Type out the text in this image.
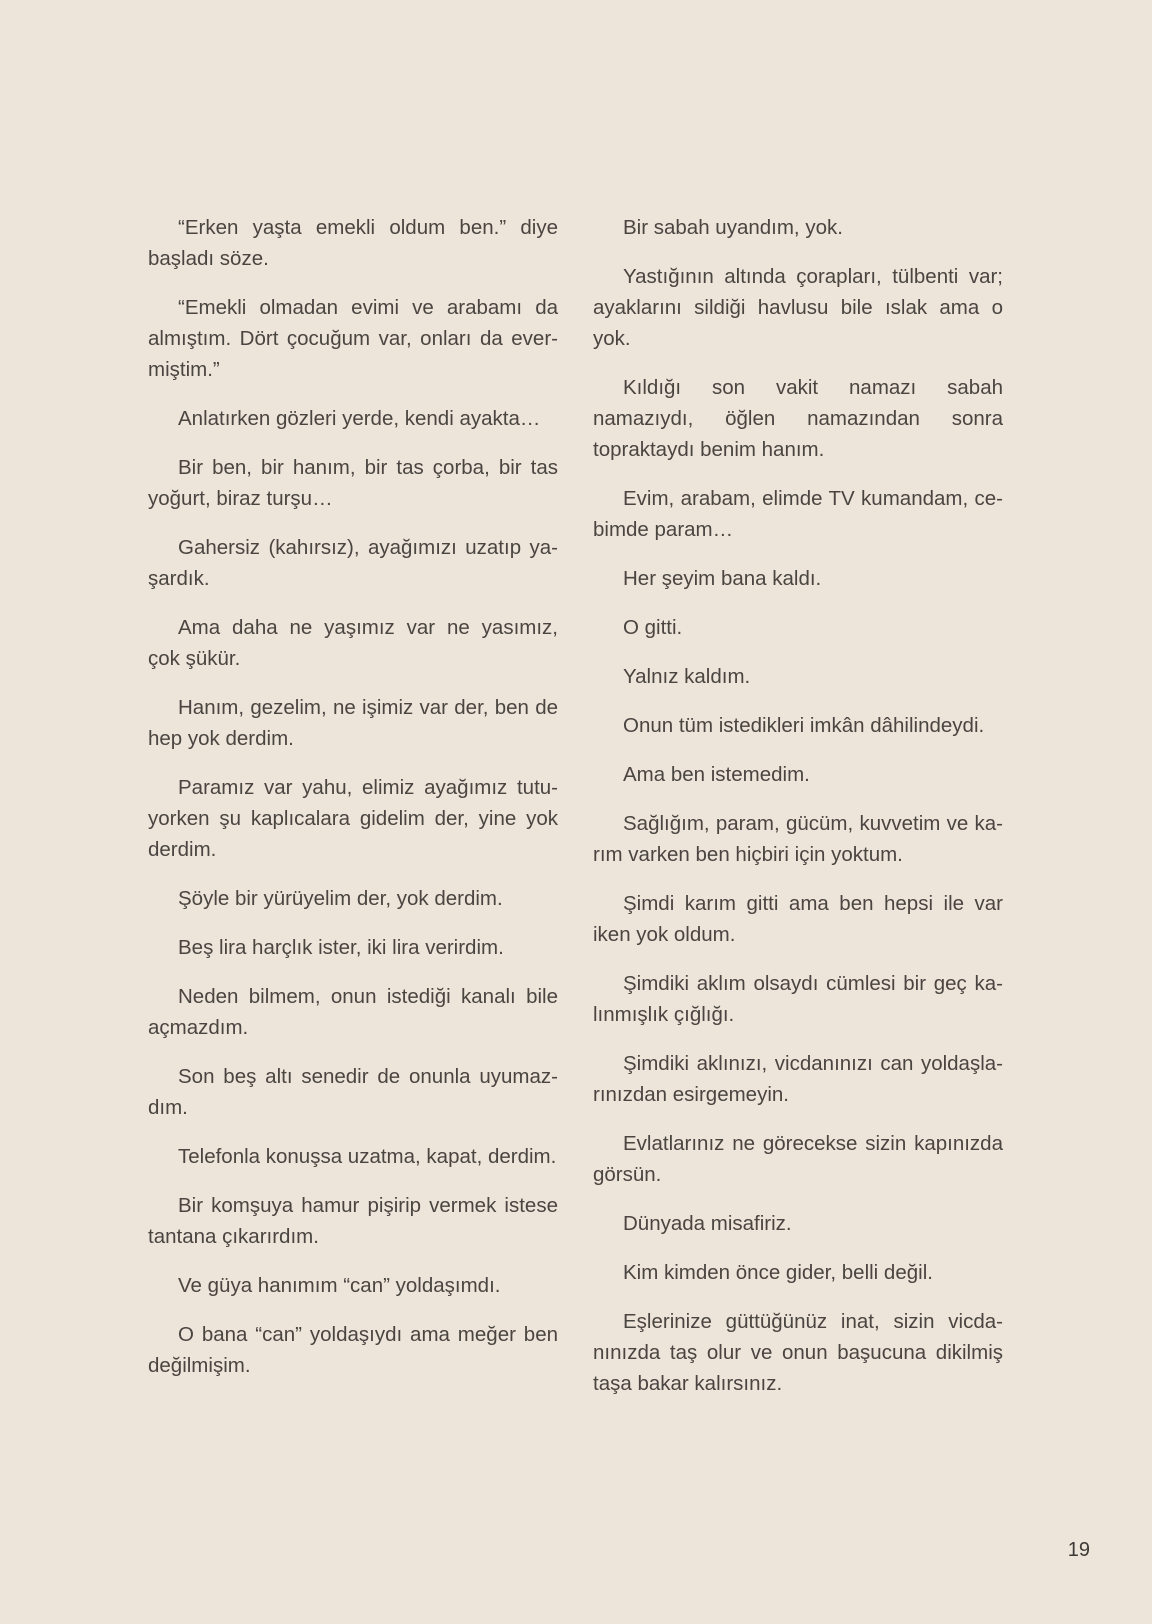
“Erken yaşta emekli oldum ben.” diye başladı söze.

“Emekli olmadan evimi ve arabamı da almıştım. Dört çocuğum var, onları da evermiştim.”

Anlatırken gözleri yerde, kendi ayakta…

Bir ben, bir hanım, bir tas çorba, bir tas yoğurt, biraz turşu…

Gahersiz (kahırsız), ayağımızı uzatıp yaşardık.

Ama daha ne yaşımız var ne yasımız, çok şükür.

Hanım, gezelim, ne işimiz var der, ben de hep yok derdim.

Paramız var yahu, elimiz ayağımız tutuyorken şu kaplıcalara gidelim der, yine yok derdim.

Şöyle bir yürüyelim der, yok derdim.

Beş lira harçlık ister, iki lira verirdim.

Neden bilmem, onun istediği kanalı bile açmazdım.

Son beş altı senedir de onunla uyumazdım.

Telefonla konuşsa uzatma, kapat, derdim.

Bir komşuya hamur pişirip vermek istese tantana çıkarırdım.

Ve güya hanımım “can” yoldaşımdı.

O bana “can” yoldaşıydı ama meğer ben değilmişim.

Bir sabah uyandım, yok.

Yastığının altında çorapları, tülbenti var; ayaklarını sildiği havlusu bile ıslak ama o yok.

Kıldığı son vakit namazı sabah namazıydı, öğlen namazından sonra topraktaydı benim hanım.

Evim, arabam, elimde TV kumandam, cebimde param…

Her şeyim bana kaldı.

O gitti.

Yalnız kaldım.

Onun tüm istedikleri imkân dâhilindeydi.

Ama ben istemedim.

Sağlığım, param, gücüm, kuvvetim ve karım varken ben hiçbiri için yoktum.

Şimdi karım gitti ama ben hepsi ile var iken yok oldum.

Şimdiki aklım olsaydı cümlesi bir geç kalınmışlık çığlığı.

Şimdiki aklınızı, vicdanınızı can yoldaşlarınızdan esirgemeyin.

Evlatlarınız ne görecekse sizin kapınızda görsün.

Dünyada misafiriz.

Kim kimden önce gider, belli değil.

Eşlerinize güttüğünüz inat, sizin vicdanınızda taş olur ve onun başucuna dikilmiş taşa bakar kalırsınız.

19
